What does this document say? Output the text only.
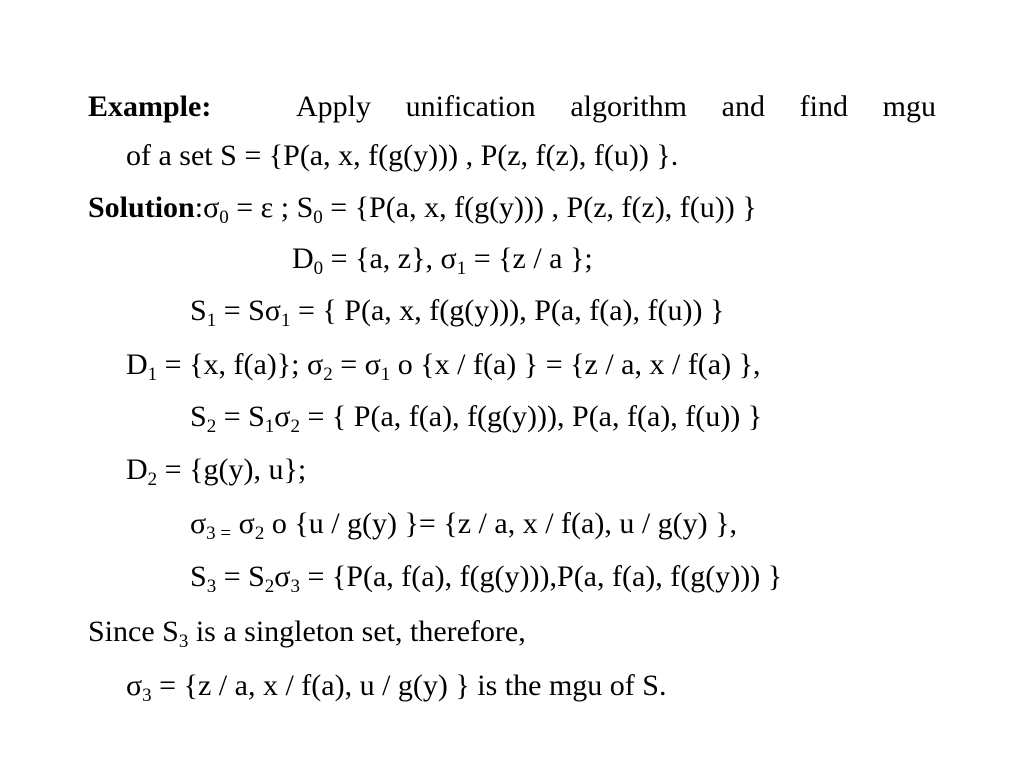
Example:	Apply unification algorithm and find mgu
of a set S = {P(a, x, f(g(y))) , P(z, f(z), f(u)) }.
$Solution:\sigma_0 = \varepsilon$ ; $S_0 = \{P(a$, x, f(g(y))) , P(z, f(z), f(u)) }
$D_0 = \{a$, z}, $\sigma_1 = \{z / a$ };
$S_1 = S\sigma_1$ = { P(a, x, f(g(y))), P(a, f(a), f(u)) }
$D_1 = \{x$, f(a)}; $\sigma_2 = \sigma_1$ o {x / f(a) } = {z / a, x / f(a) },
$S_2 = S_1\sigma_2$ = { P(a, f(a), f(g(y))), P(a, f(a), f(u)) }
$D_2 = \{g(y)$, u};
$\sigma_3$ $_=$ $\sigma_2$ o {u / g(y) }= {z / a, x / f(a), u / g(y) },
$S_3 = S_2\sigma_3 = \{P(a$, f(a), f(g(y))),P(a, f(a), f(g(y))) }
Since $S_3$ is a singleton set, therefore,
$\sigma_3 = \{z / a$, x / f(a), u / g(y) } is the mgu of S.
